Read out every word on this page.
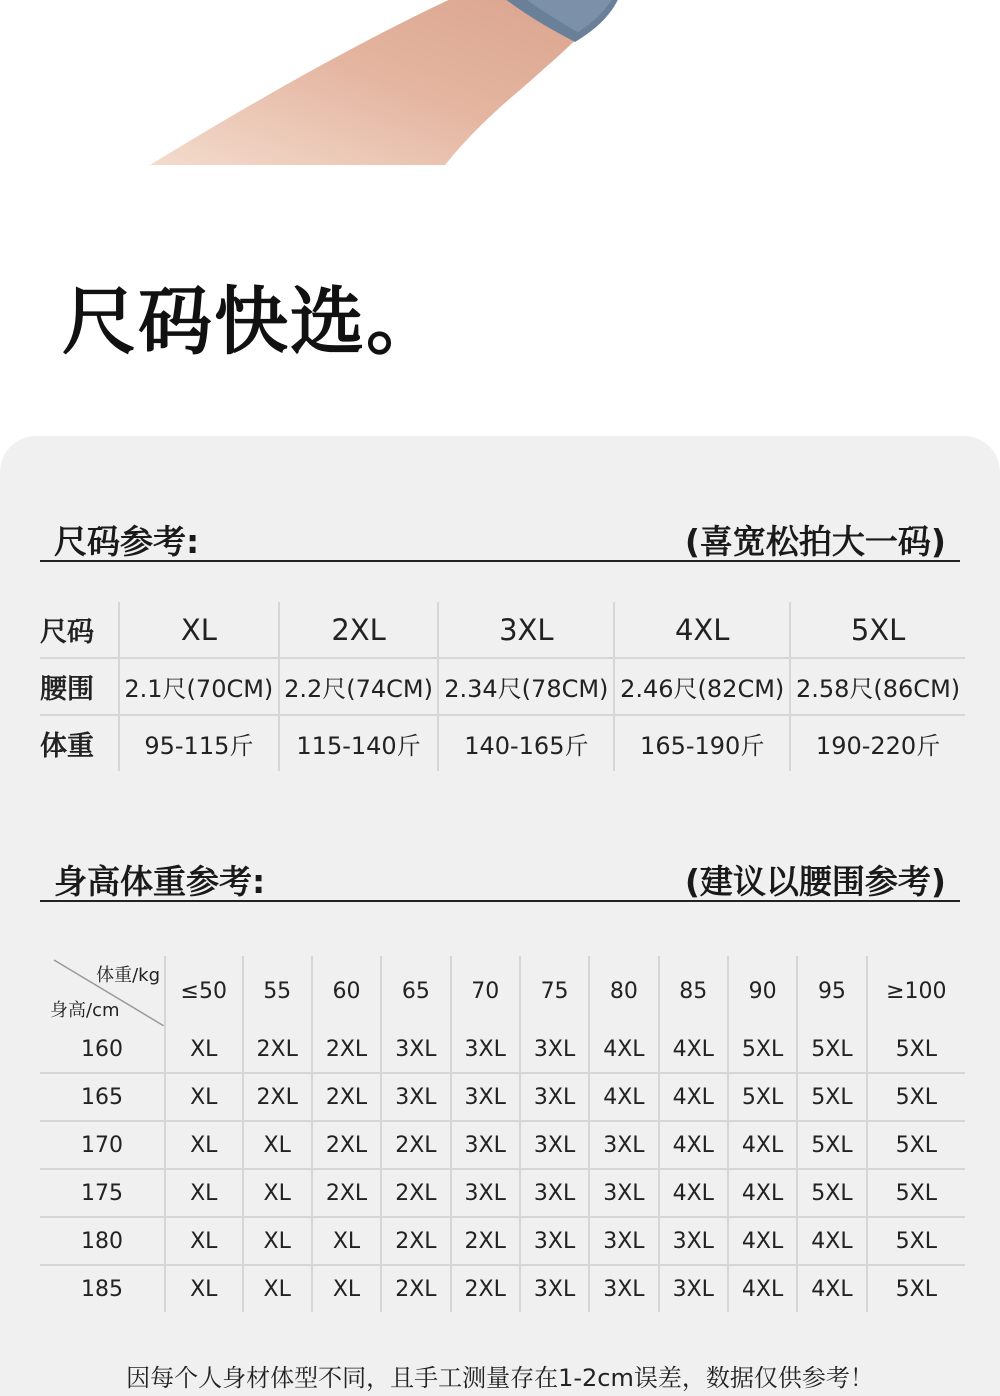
尺码快选。
尺码参考:	(喜宽松拍大一码)
尺码	XL	2XL	3XL	4XL	5XL
腰围	2.1尺(70CM)	2.2尺(74CM)	2.34尺(78CM)	2.46尺(82CM)	2.58尺(86CM)
体重	95-115斤	115-140斤	140-165斤	165-190斤	190-220斤
身高体重参考:	(建议以腰围参考)
体重/kg
身高/cm	≤50	55	60	65	70	75	80	85	90	95	≥100
160	XL	2XL	2XL	3XL	3XL	3XL	4XL	4XL	5XL	5XL	5XL
165	XL	2XL	2XL	3XL	3XL	3XL	4XL	4XL	5XL	5XL	5XL
170	XL	XL	2XL	2XL	3XL	3XL	3XL	4XL	4XL	5XL	5XL
175	XL	XL	2XL	2XL	3XL	3XL	3XL	4XL	4XL	5XL	5XL
180	XL	XL	XL	2XL	2XL	3XL	3XL	3XL	4XL	4XL	5XL
185	XL	XL	XL	2XL	2XL	3XL	3XL	3XL	4XL	4XL	5XL
因每个人身材体型不同，且手工测量存在1-2cm误差，数据仅供参考！
